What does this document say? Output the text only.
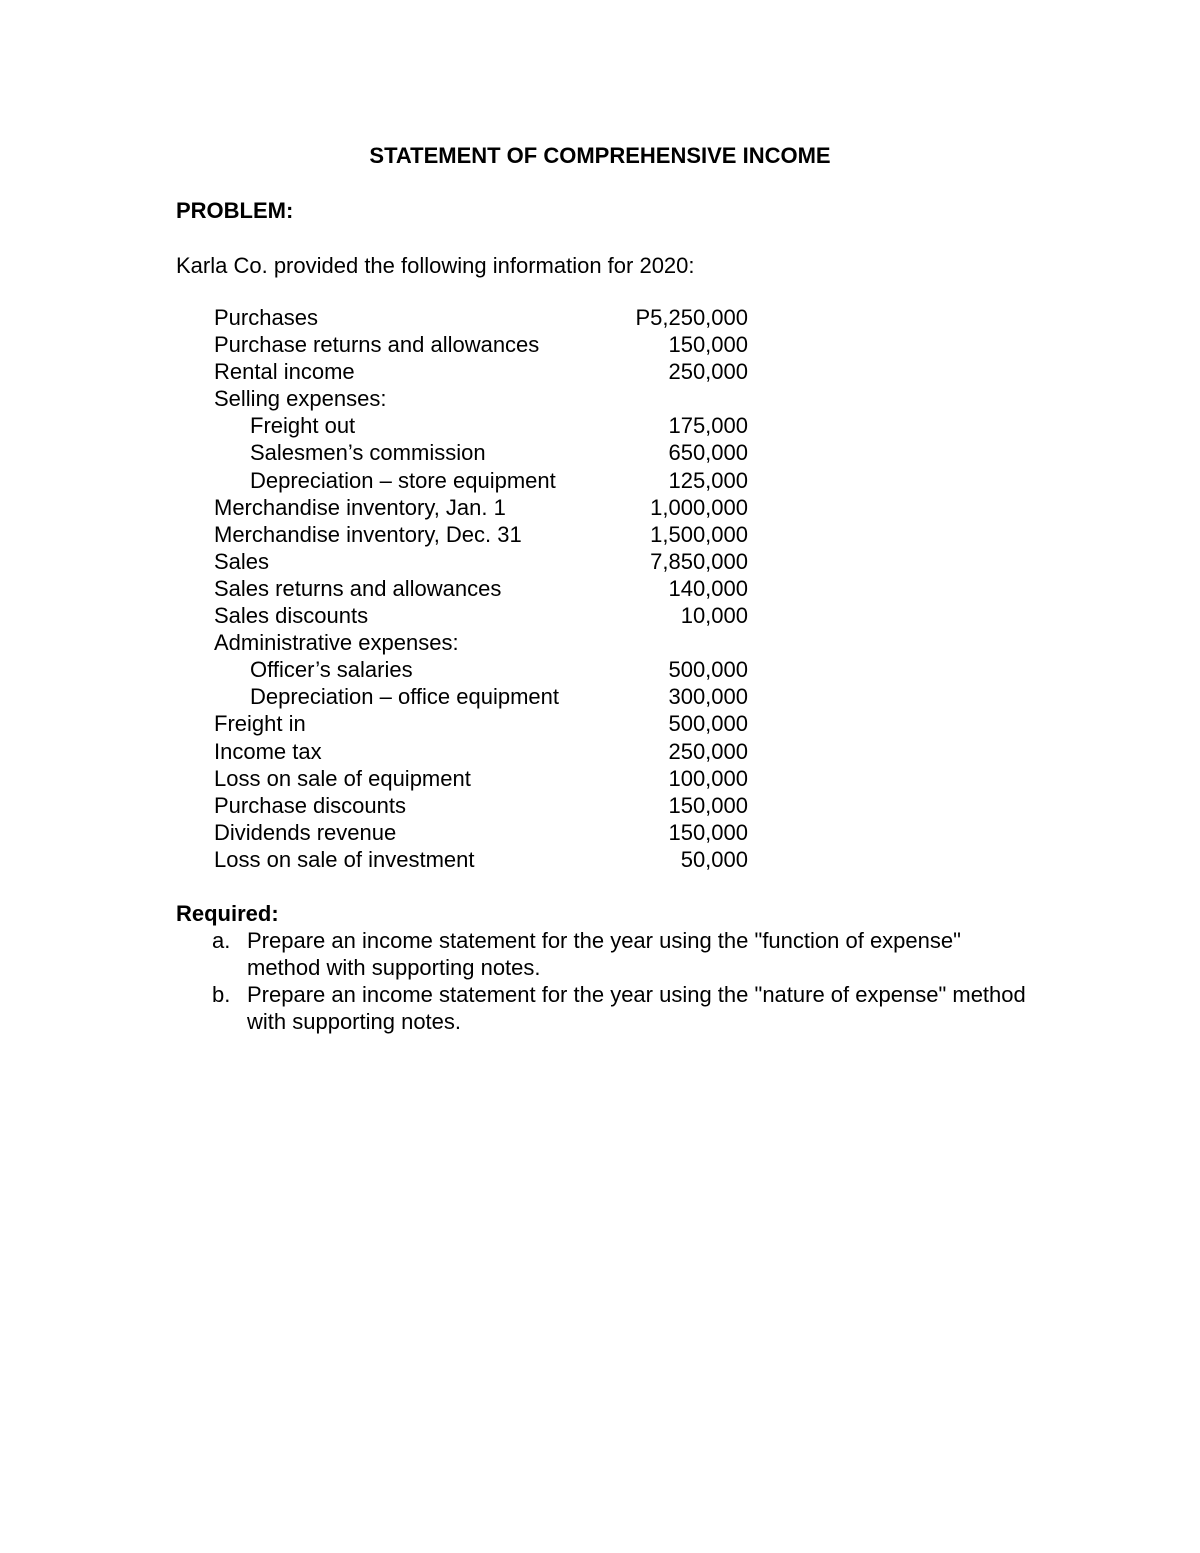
STATEMENT OF COMPREHENSIVE INCOME
PROBLEM:
Karla Co. provided the following information for 2020:
Purchases	P5,250,000
Purchase returns and allowances	150,000
Rental income	250,000
Selling expenses:
Freight out	175,000
Salesmen’s commission	650,000
Depreciation – store equipment	125,000
Merchandise inventory, Jan. 1	1,000,000
Merchandise inventory, Dec. 31	1,500,000
Sales	7,850,000
Sales returns and allowances	140,000
Sales discounts	10,000
Administrative expenses:
Officer’s salaries	500,000
Depreciation – office equipment	300,000
Freight in	500,000
Income tax	250,000
Loss on sale of equipment	100,000
Purchase discounts	150,000
Dividends revenue	150,000
Loss on sale of investment	50,000
Required:
a. Prepare an income statement for the year using the "function of expense" method with supporting notes.
b. Prepare an income statement for the year using the "nature of expense" method with supporting notes.
